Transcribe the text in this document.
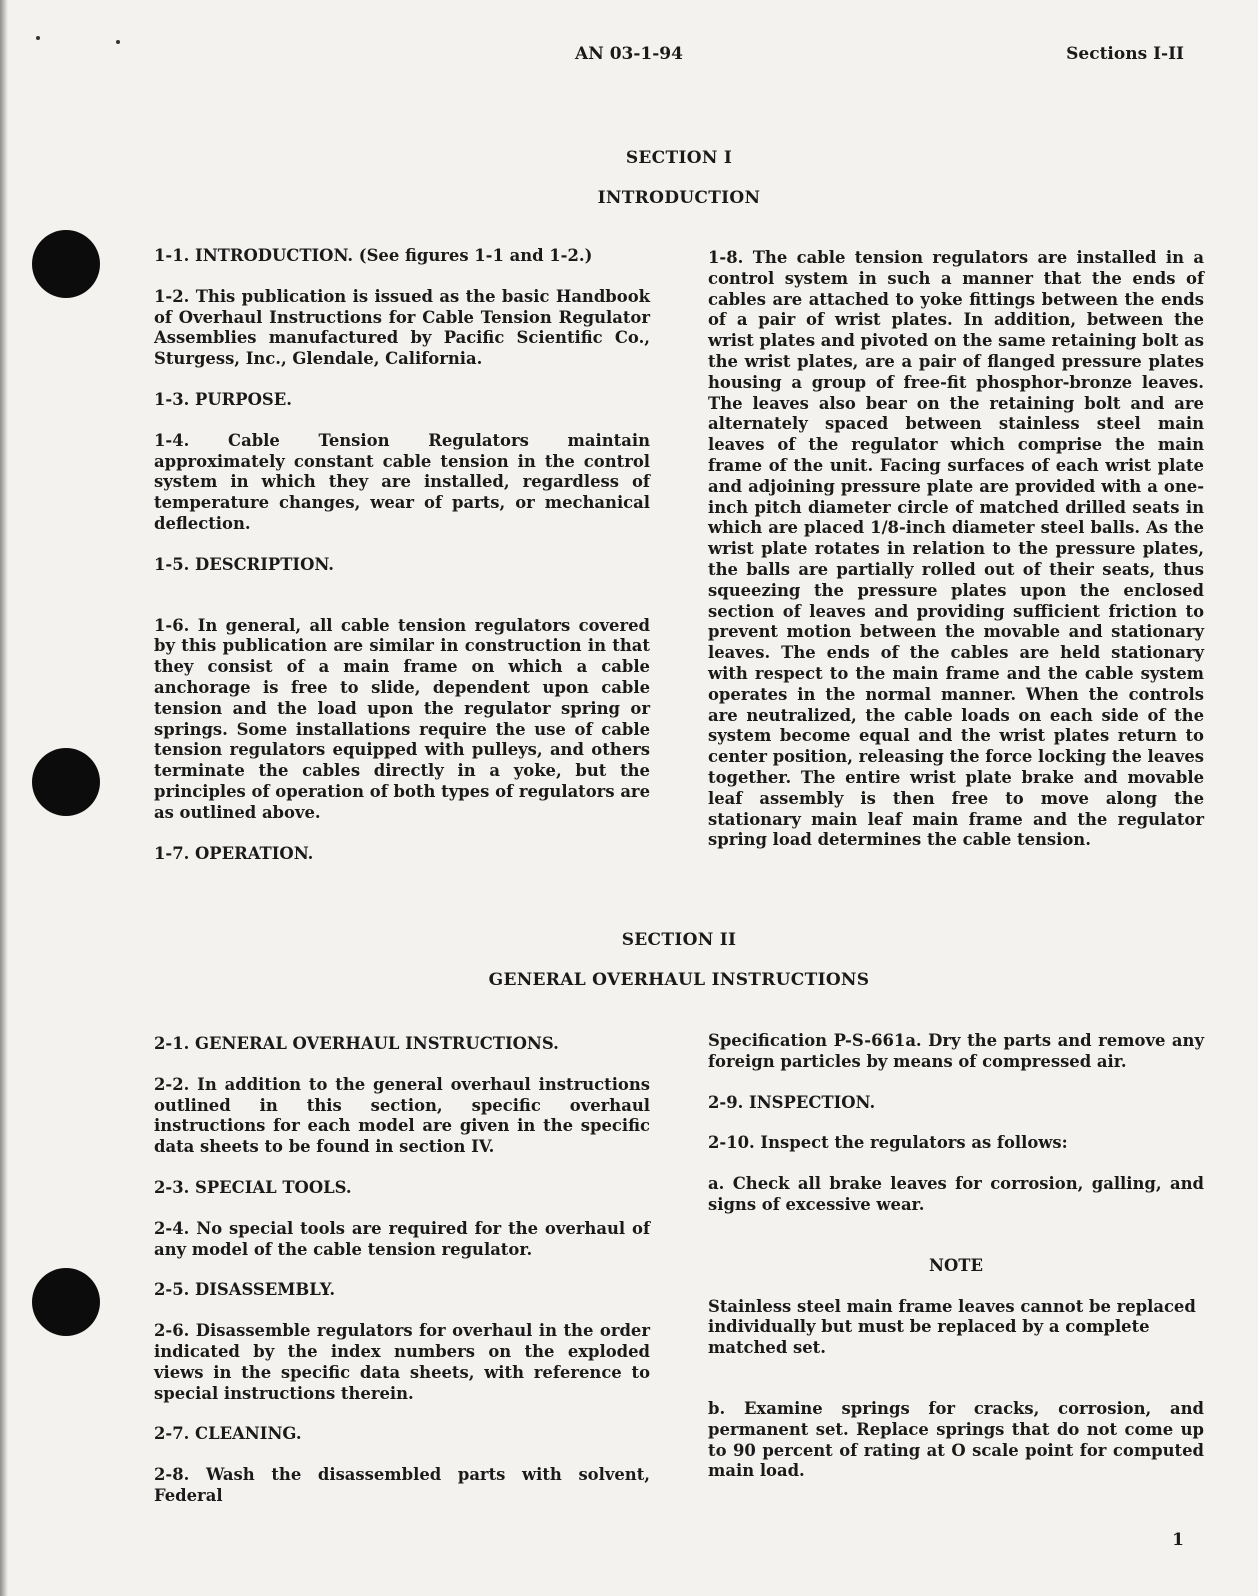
AN 03-1-94	Sections I-II
SECTION I
INTRODUCTION

1-1. INTRODUCTION. (See figures 1-1 and 1-2.)

1-2. This publication is issued as the basic Handbook of Overhaul Instructions for Cable Tension Regulator Assemblies manufactured by Pacific Scientific Co., Sturgess, Inc., Glendale, California.

1-3. PURPOSE.

1-4. Cable Tension Regulators maintain approximately constant cable tension in the control system in which they are installed, regardless of temperature changes, wear of parts, or mechanical deflection.

1-5. DESCRIPTION.

1-6. In general, all cable tension regulators covered by this publication are similar in construction in that they consist of a main frame on which a cable anchorage is free to slide, dependent upon cable tension and the load upon the regulator spring or springs. Some installations require the use of cable tension regulators equipped with pulleys, and others terminate the cables directly in a yoke, but the principles of operation of both types of regulators are as outlined above.

1-7. OPERATION.

1-8. The cable tension regulators are installed in a control system in such a manner that the ends of cables are attached to yoke fittings between the ends of a pair of wrist plates. In addition, between the wrist plates and pivoted on the same retaining bolt as the wrist plates, are a pair of flanged pressure plates housing a group of free-fit phosphor-bronze leaves. The leaves also bear on the retaining bolt and are alternately spaced between stainless steel main leaves of the regulator which comprise the main frame of the unit. Facing surfaces of each wrist plate and adjoining pressure plate are provided with a one-inch pitch diameter circle of matched drilled seats in which are placed 1/8-inch diameter steel balls. As the wrist plate rotates in relation to the pressure plates, the balls are partially rolled out of their seats, thus squeezing the pressure plates upon the enclosed section of leaves and providing sufficient friction to prevent motion between the movable and stationary leaves. The ends of the cables are held stationary with respect to the main frame and the cable system operates in the normal manner. When the controls are neutralized, the cable loads on each side of the system become equal and the wrist plates return to center position, releasing the force locking the leaves together. The entire wrist plate brake and movable leaf assembly is then free to move along the stationary main leaf main frame and the regulator spring load determines the cable tension.

SECTION II
GENERAL OVERHAUL INSTRUCTIONS

2-1. GENERAL OVERHAUL INSTRUCTIONS.

2-2. In addition to the general overhaul instructions outlined in this section, specific overhaul instructions for each model are given in the specific data sheets to be found in section IV.

2-3. SPECIAL TOOLS.

2-4. No special tools are required for the overhaul of any model of the cable tension regulator.

2-5. DISASSEMBLY.

2-6. Disassemble regulators for overhaul in the order indicated by the index numbers on the exploded views in the specific data sheets, with reference to special instructions therein.

2-7. CLEANING.

2-8. Wash the disassembled parts with solvent, Federal

Specification P-S-661a. Dry the parts and remove any foreign particles by means of compressed air.

2-9. INSPECTION.

2-10. Inspect the regulators as follows:

a. Check all brake leaves for corrosion, galling, and signs of excessive wear.

NOTE

Stainless steel main frame leaves cannot be replaced individually but must be replaced by a complete matched set.

b. Examine springs for cracks, corrosion, and permanent set. Replace springs that do not come up to 90 percent of rating at O scale point for computed main load.

1
